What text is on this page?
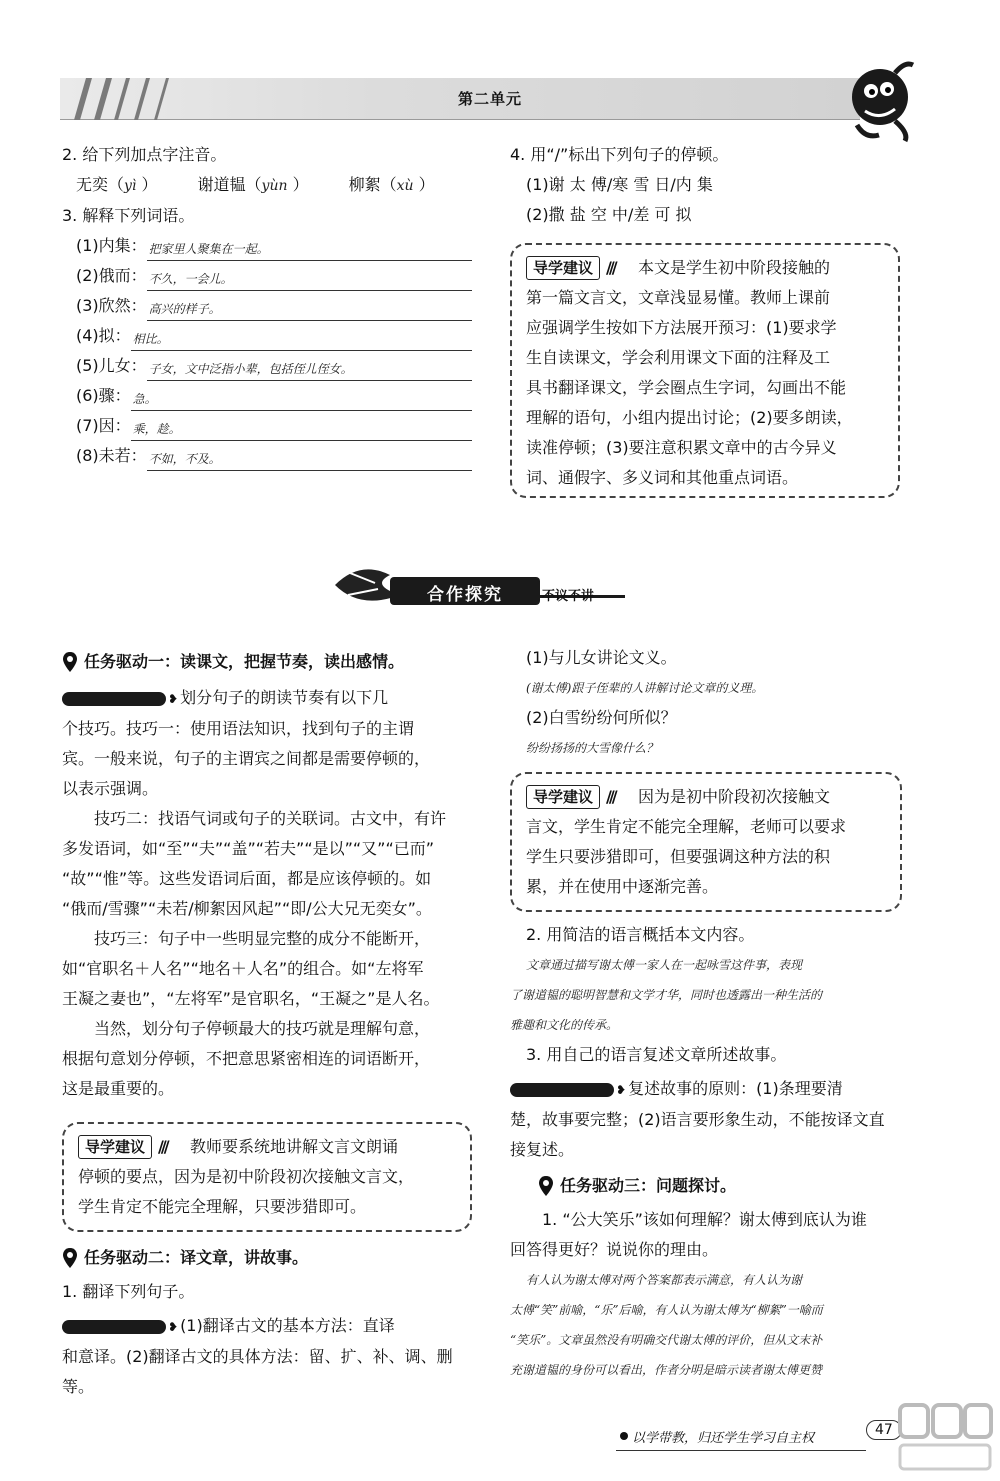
第二单元
2. 给下列加点字注音。
无奕（yì ）	谢道韫（yùn ）	柳絮（xù ）
3. 解释下列词语。
(1)内集： 把家里人聚集在一起。
(2)俄而： 不久，一会儿。
(3)欣然： 高兴的样子。
(4)拟： 相比。
(5)儿女： 子女，文中泛指小辈，包括侄儿侄女。
(6)骤： 急。
(7)因： 乘，趁。
(8)未若： 不如，不及。
4. 用“/”标出下列句子的停顿。
(1)谢 太 傅/寒 雪 日/内 集
(2)撒 盐 空 中/差 可 拟
导学建议 /// 本文是学生初中阶段接触的
第一篇文言文，文章浅显易懂。教师上课前
应强调学生按如下方法展开预习：(1)要求学
生自读课文，学会利用课文下面的注释及工
具书翻译课文，学会圈点生字词，勾画出不能
理解的语句，小组内提出讨论；(2)要多朗读，
读准停顿；(3)要注意积累文章中的古今异义
词、通假字、多义词和其他重点词语。
合作探究	不议不讲
任务驱动一：读课文，把握节奏，读出感情。
❥ 划分句子的朗读节奏有以下几
个技巧。技巧一：使用语法知识，找到句子的主谓
宾。一般来说，句子的主谓宾之间都是需要停顿的，
以表示强调。
技巧二：找语气词或句子的关联词。古文中，有许
多发语词，如“至”“夫”“盖”“若夫”“是以”“又”“已而”
“故”“惟”等。这些发语词后面，都是应该停顿的。如
“俄而/雪骤”“未若/柳絮因风起”“即/公大兄无奕女”。
技巧三：句子中一些明显完整的成分不能断开，
如“官职名＋人名”“地名＋人名”的组合。如“左将军
王凝之妻也”，“左将军”是官职名，“王凝之”是人名。
当然，划分句子停顿最大的技巧就是理解句意，
根据句意划分停顿，不把意思紧密相连的词语断开，
这是最重要的。
导学建议 /// 教师要系统地讲解文言文朗诵
停顿的要点，因为是初中阶段初次接触文言文，
学生肯定不能完全理解，只要涉猎即可。
任务驱动二：译文章，讲故事。
1. 翻译下列句子。
❥ (1)翻译古文的基本方法：直译
和意译。(2)翻译古文的具体方法：留、扩、补、调、删等。
(1)与儿女讲论文义。
(谢太傅)跟子侄辈的人讲解讨论文章的义理。
(2)白雪纷纷何所似？
纷纷扬扬的大雪像什么？
导学建议 /// 因为是初中阶段初次接触文
言文，学生肯定不能完全理解，老师可以要求
学生只要涉猎即可，但要强调这种方法的积
累，并在使用中逐渐完善。
2. 用简洁的语言概括本文内容。
文章通过描写谢太傅一家人在一起咏雪这件事，表现
了谢道韫的聪明智慧和文学才华，同时也透露出一种生活的
雅趣和文化的传承。
3. 用自己的语言复述文章所述故事。
❥ 复述故事的原则：(1)条理要清
楚，故事要完整；(2)语言要形象生动，不能按译文直
接复述。
任务驱动三：问题探讨。
1. “公大笑乐”该如何理解？谢太傅到底认为谁
回答得更好？说说你的理由。
有人认为谢太傅对两个答案都表示满意，有人认为谢
太傅“笑”前喻，“乐”后喻，有人认为谢太傅为“柳絮”一喻而
“笑乐”。文章虽然没有明确交代谢太傅的评价，但从文末补
充谢道韫的身份可以看出，作者分明是暗示读者谢太傅更赞
以学带教，归还学生学习自主权
47
